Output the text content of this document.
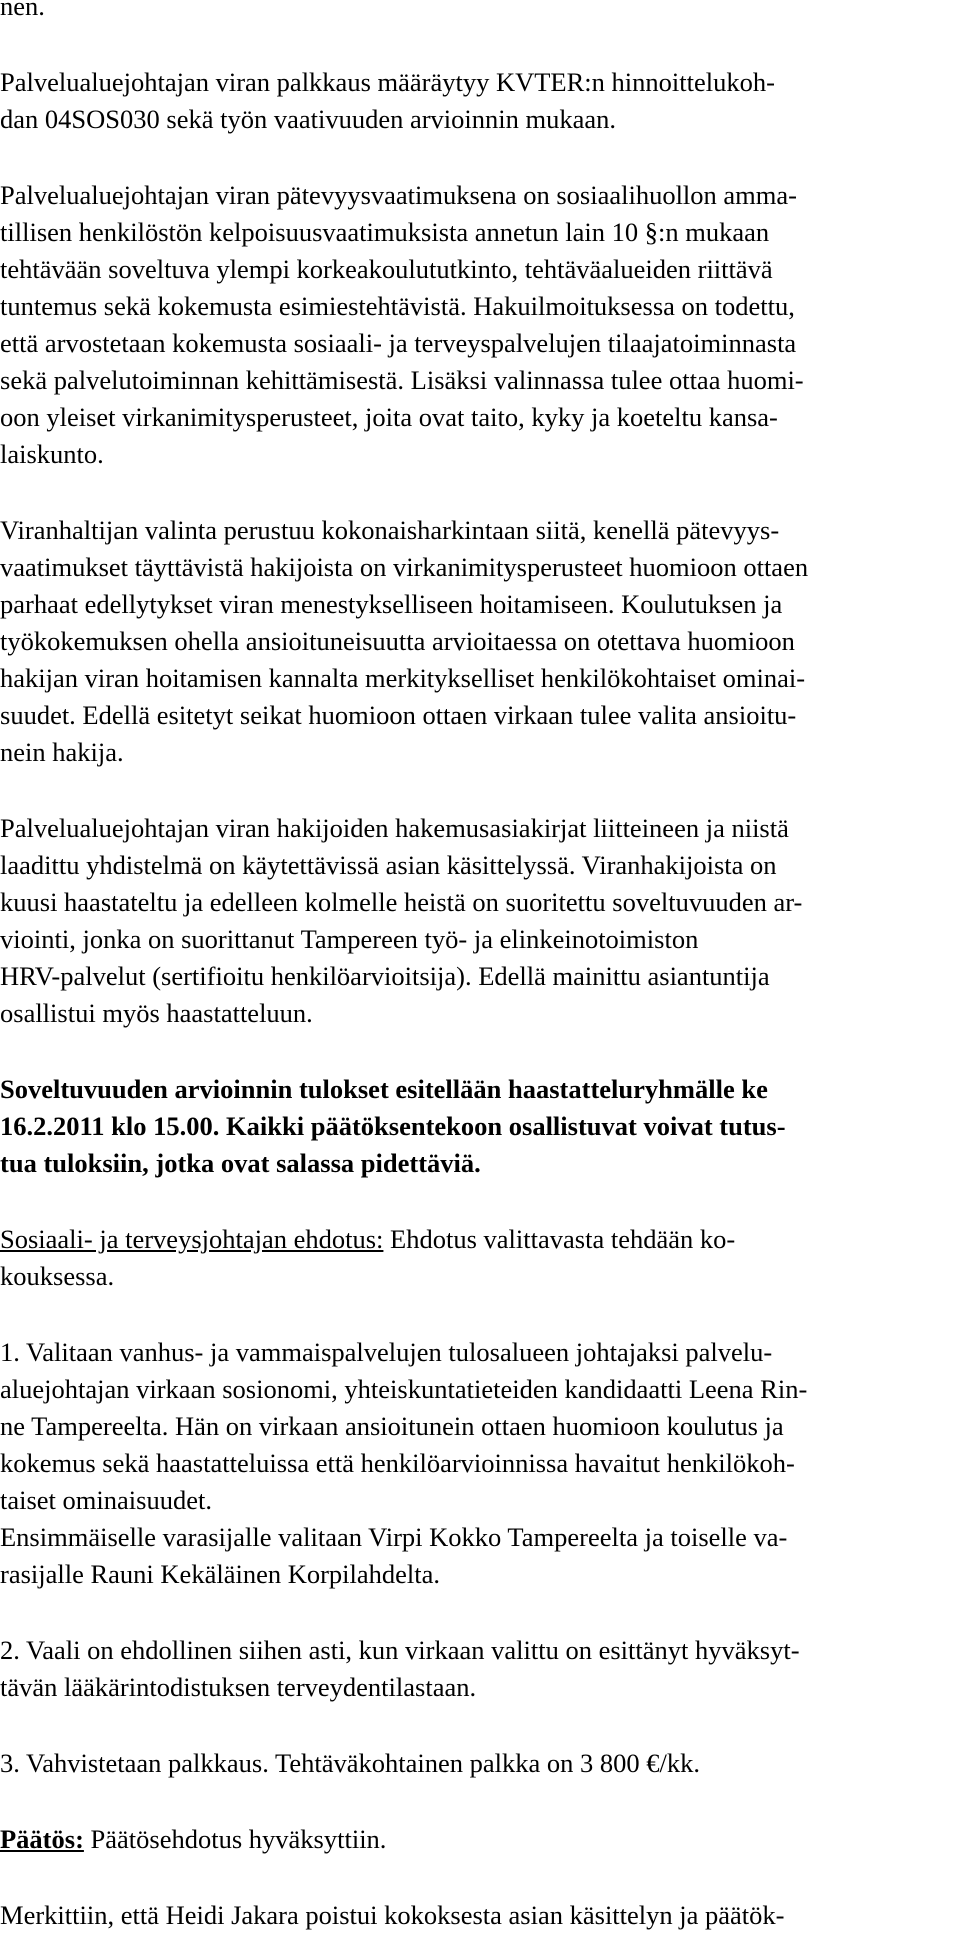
nen.

Palvelualuejohtajan viran palkkaus määräytyy KVTER:n hinnoittelukoh-

dan 04SOS030 sekä työn vaativuuden arvioinnin mukaan.

Palvelualuejohtajan viran pätevyysvaatimuksena on sosiaalihuollon amma-

tillisen henkilöstön kelpoisuusvaatimuksista annetun lain 10 §:n mukaan

tehtävään soveltuva ylempi korkeakoulututkinto, tehtäväalueiden riittävä

tuntemus sekä kokemusta esimiestehtävistä. Hakuilmoituksessa on todettu,

että arvostetaan kokemusta sosiaali- ja terveyspalvelujen tilaajatoiminnasta

sekä palvelutoiminnan kehittämisestä. Lisäksi valinnassa tulee ottaa huomi-

oon yleiset virkanimitysperusteet, joita ovat taito, kyky ja koeteltu kansa-

laiskunto.

Viranhaltijan valinta perustuu kokonaisharkintaan siitä, kenellä pätevyys-

vaatimukset täyttävistä hakijoista on virkanimitysperusteet huomioon ottaen

parhaat edellytykset viran menestykselliseen hoitamiseen. Koulutuksen ja

työkokemuksen ohella ansioituneisuutta arvioitaessa on otettava huomioon

hakijan viran hoitamisen kannalta merkitykselliset henkilökohtaiset ominai-

suudet. Edellä esitetyt seikat huomioon ottaen virkaan tulee valita ansioitu-

nein hakija.

Palvelualuejohtajan viran hakijoiden hakemusasiakirjat liitteineen ja niistä

laadittu yhdistelmä on käytettävissä asian käsittelyssä. Viranhakijoista on

kuusi haastateltu ja edelleen kolmelle heistä on suoritettu soveltuvuuden ar-

viointi, jonka on suorittanut Tampereen työ- ja elinkeinotoimiston

HRV-palvelut (sertifioitu henkilöarvioitsija). Edellä mainittu asiantuntija

osallistui myös haastatteluun.

Soveltuvuuden arvioinnin tulokset esitellään haastatteluryhmälle ke

16.2.2011 klo 15.00. Kaikki päätöksentekoon osallistuvat voivat tutus-

tua tuloksiin, jotka ovat salassa pidettäviä.

Sosiaali- ja terveysjohtajan ehdotus: Ehdotus valittavasta tehdään ko-

kouksessa.

1. Valitaan vanhus- ja vammaispalvelujen tulosalueen johtajaksi palvelu-

aluejohtajan virkaan sosionomi, yhteiskuntatieteiden kandidaatti Leena Rin-

ne Tampereelta. Hän on virkaan ansioitunein ottaen huomioon koulutus ja

kokemus sekä haastatteluissa että henkilöarvioinnissa havaitut henkilökoh-

taiset ominaisuudet.

Ensimmäiselle varasijalle valitaan Virpi Kokko Tampereelta ja toiselle va-

rasijalle Rauni Kekäläinen Korpilahdelta.

2. Vaali on ehdollinen siihen asti, kun virkaan valittu on esittänyt hyväksyt-

tävän lääkärintodistuksen terveydentilastaan.

3. Vahvistetaan palkkaus. Tehtäväkohtainen palkka on 3 800 €/kk.

Päätös: Päätösehdotus hyväksyttiin.

Merkittiin, että Heidi Jakara poistui kokoksesta asian käsittelyn ja päätök-
